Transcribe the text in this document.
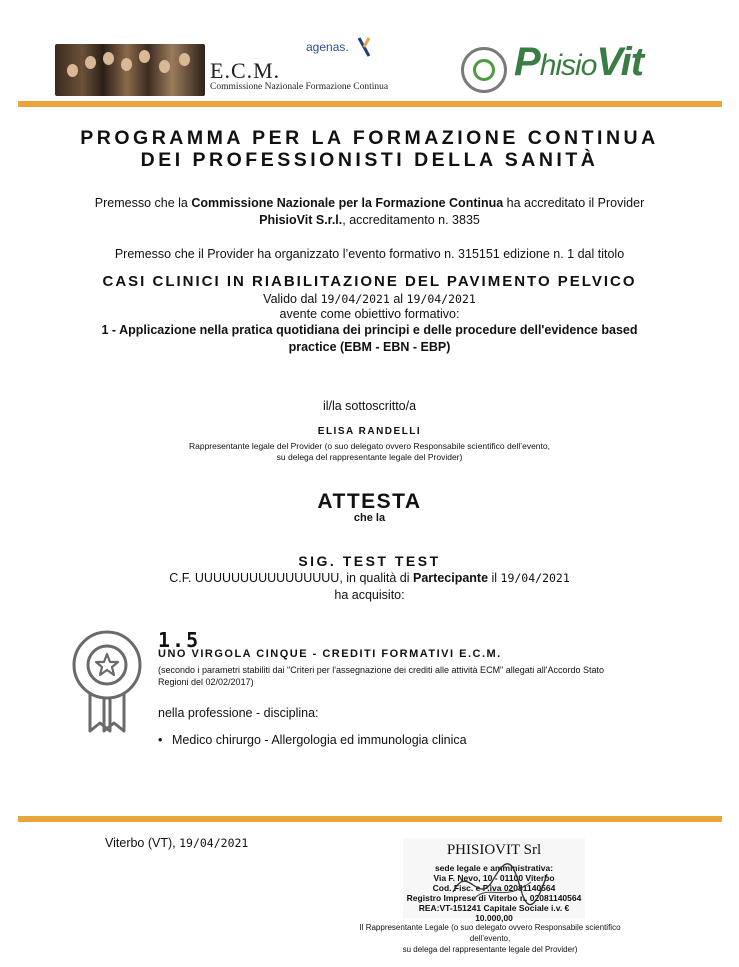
E.C.M.
Commissione Nazionale Formazione Continua
agenas.	PhisioVit
PROGRAMMA PER LA FORMAZIONE CONTINUA
DEI PROFESSIONISTI DELLA SANITÀ
Premesso che la Commissione Nazionale per la Formazione Continua ha accreditato il Provider
PhisioVit S.r.l., accreditamento n. 3835
Premesso che il Provider ha organizzato l’evento formativo n. 315151 edizione n. 1 dal titolo
CASI CLINICI IN RIABILITAZIONE DEL PAVIMENTO PELVICO
Valido dal 19/04/2021 al 19/04/2021
avente come obiettivo formativo:
1 - Applicazione nella pratica quotidiana dei principi e delle procedure dell'evidence based
practice (EBM - EBN - EBP)
il/la sottoscritto/a
ELISA RANDELLI
Rappresentante legale del Provider (o suo delegato ovvero Responsabile scientifico dell’evento,
su delega del rappresentante legale del Provider)
ATTESTA
che la
SIG. TEST TEST
C.F. UUUUUUUUUUUUUUUU, in qualità di Partecipante il 19/04/2021
ha acquisito:
1.5
UNO VIRGOLA CINQUE - CREDITI FORMATIVI E.C.M.
(secondo i parametri stabiliti dai "Criteri per l'assegnazione dei crediti alle attività ECM" allegati all'Accordo Stato
Regioni del 02/02/2017)
nella professione - disciplina:
• Medico chirurgo - Allergologia ed immunologia clinica
Viterbo (VT), 19/04/2021	PHISIOVIT Srl
sede legale e amministrativa:
Via F. Nevo, 10 - 01100 Viterbo
Cod. Fisc. e P.iva 02081140564
Registro Imprese di Viterbo n. 02081140564
REA:VT-151241 Capitale Sociale i.v. € 10.000,00
Il Rappresentante Legale (o suo delegato ovvero Responsabile scientifico dell’evento,
su delega del rappresentante legale del Provider)
